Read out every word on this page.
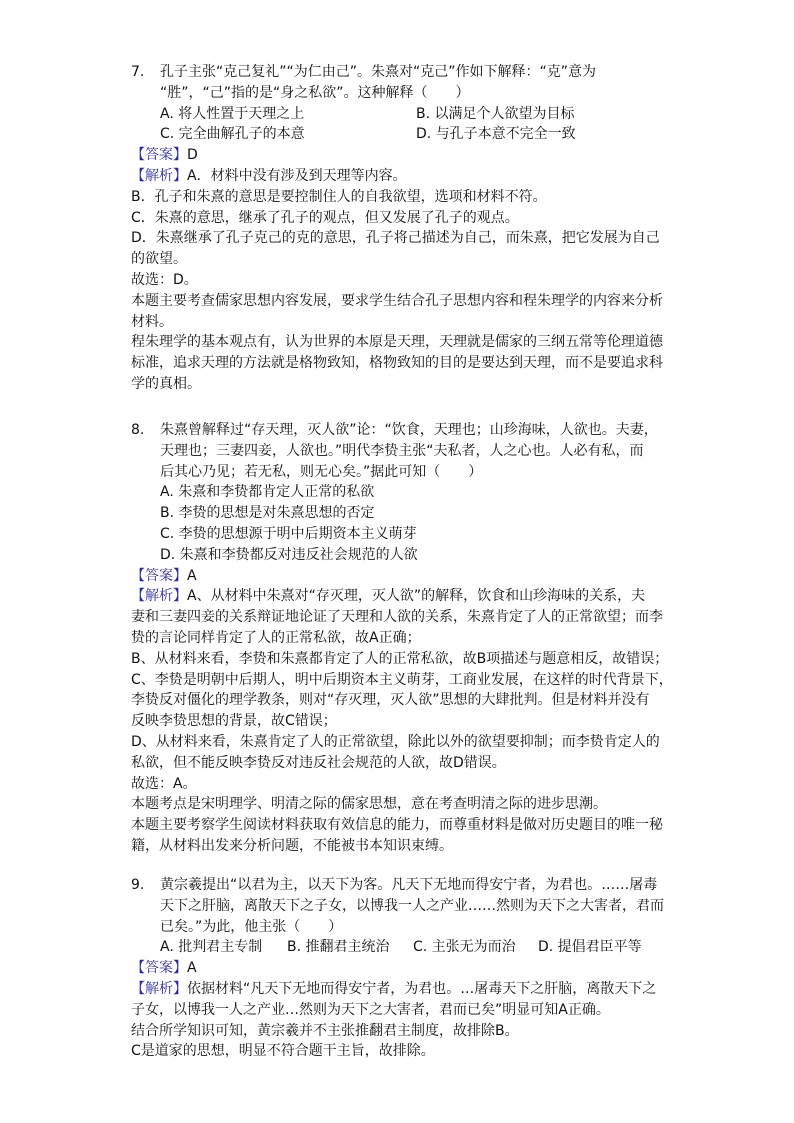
7. 孔子主张“克己复礼”“为仁由己”。朱熹对“克己”作如下解释：“克”意为
“胜”，“己”指的是“身之私欲”。这种解释（　　）
A. 将人性置于天理之上	B. 以满足个人欲望为目标
C. 完全曲解孔子的本意	D. 与孔子本意不完全一致
【答案】D
【解析】A．材料中没有涉及到天理等内容。
B．孔子和朱熹的意思是要控制住人的自我欲望，选项和材料不符。
C．朱熹的意思，继承了孔子的观点，但又发展了孔子的观点。
D．朱熹继承了孔子克己的克的意思，孔子将己描述为自己，而朱熹，把它发展为自己
的欲望。
故选：D。
本题主要考查儒家思想内容发展，要求学生结合孔子思想内容和程朱理学的内容来分析
材料。
程朱理学的基本观点有，认为世界的本原是天理，天理就是儒家的三纲五常等伦理道德
标准，追求天理的方法就是格物致知，格物致知的目的是要达到天理，而不是要追求科
学的真相。
8. 朱熹曾解释过“存天理，灭人欲”论：“饮食，天理也；山珍海味，人欲也。夫妻，
天理也；三妻四妾，人欲也。”明代李贽主张“夫私者，人之心也。人必有私，而
后其心乃见；若无私，则无心矣。”据此可知（　　）
A. 朱熹和李贽都肯定人正常的私欲
B. 李贽的思想是对朱熹思想的否定
C. 李贽的思想源于明中后期资本主义萌芽
D. 朱熹和李贽都反对违反社会规范的人欲
【答案】A
【解析】A、从材料中朱熹对“存灭理，灭人欲”的解释，饮食和山珍海味的关系，夫
妻和三妻四妾的关系辩证地论证了天理和人欲的关系，朱熹肯定了人的正常欲望；而李
贽的言论同样肯定了人的正常私欲，故A正确；
B、从材料来看，李贽和朱熹都肯定了人的正常私欲，故B项描述与题意相反，故错误；
C、李贽是明朝中后期人，明中后期资本主义萌芽，工商业发展，在这样的时代背景下，
李贽反对僵化的理学教条，则对“存灭理，灭人欲”思想的大肆批判。但是材料并没有
反映李贽思想的背景，故C错误；
D、从材料来看，朱熹肯定了人的正常欲望，除此以外的欲望要抑制；而李贽肯定人的
私欲，但不能反映李贽反对违反社会规范的人欲，故D错误。
故选：A。
本题考点是宋明理学、明清之际的儒家思想，意在考查明清之际的进步思潮。
本题主要考察学生阅读材料获取有效信息的能力，而尊重材料是做对历史题目的唯一秘
籍，从材料出发来分析问题，不能被书本知识束缚。
9. 黄宗羲提出“以君为主，以天下为客。凡天下无地而得安宁者，为君也。……屠毒
天下之肝脑，离散天下之子女，以博我一人之产业……然则为天下之大害者，君而
已矣。”为此，他主张（　　）
A. 批判君主专制	B. 推翻君主统治	C. 主张无为而治	D. 提倡君臣平等
【答案】A
【解析】依据材料“凡天下无地而得安宁者，为君也。…屠毒天下之肝脑，离散天下之
子女，以博我一人之产业…然则为天下之大害者，君而已矣”明显可知A正确。
结合所学知识可知，黄宗羲并不主张推翻君主制度，故排除B。
C是道家的思想，明显不符合题干主旨，故排除。
